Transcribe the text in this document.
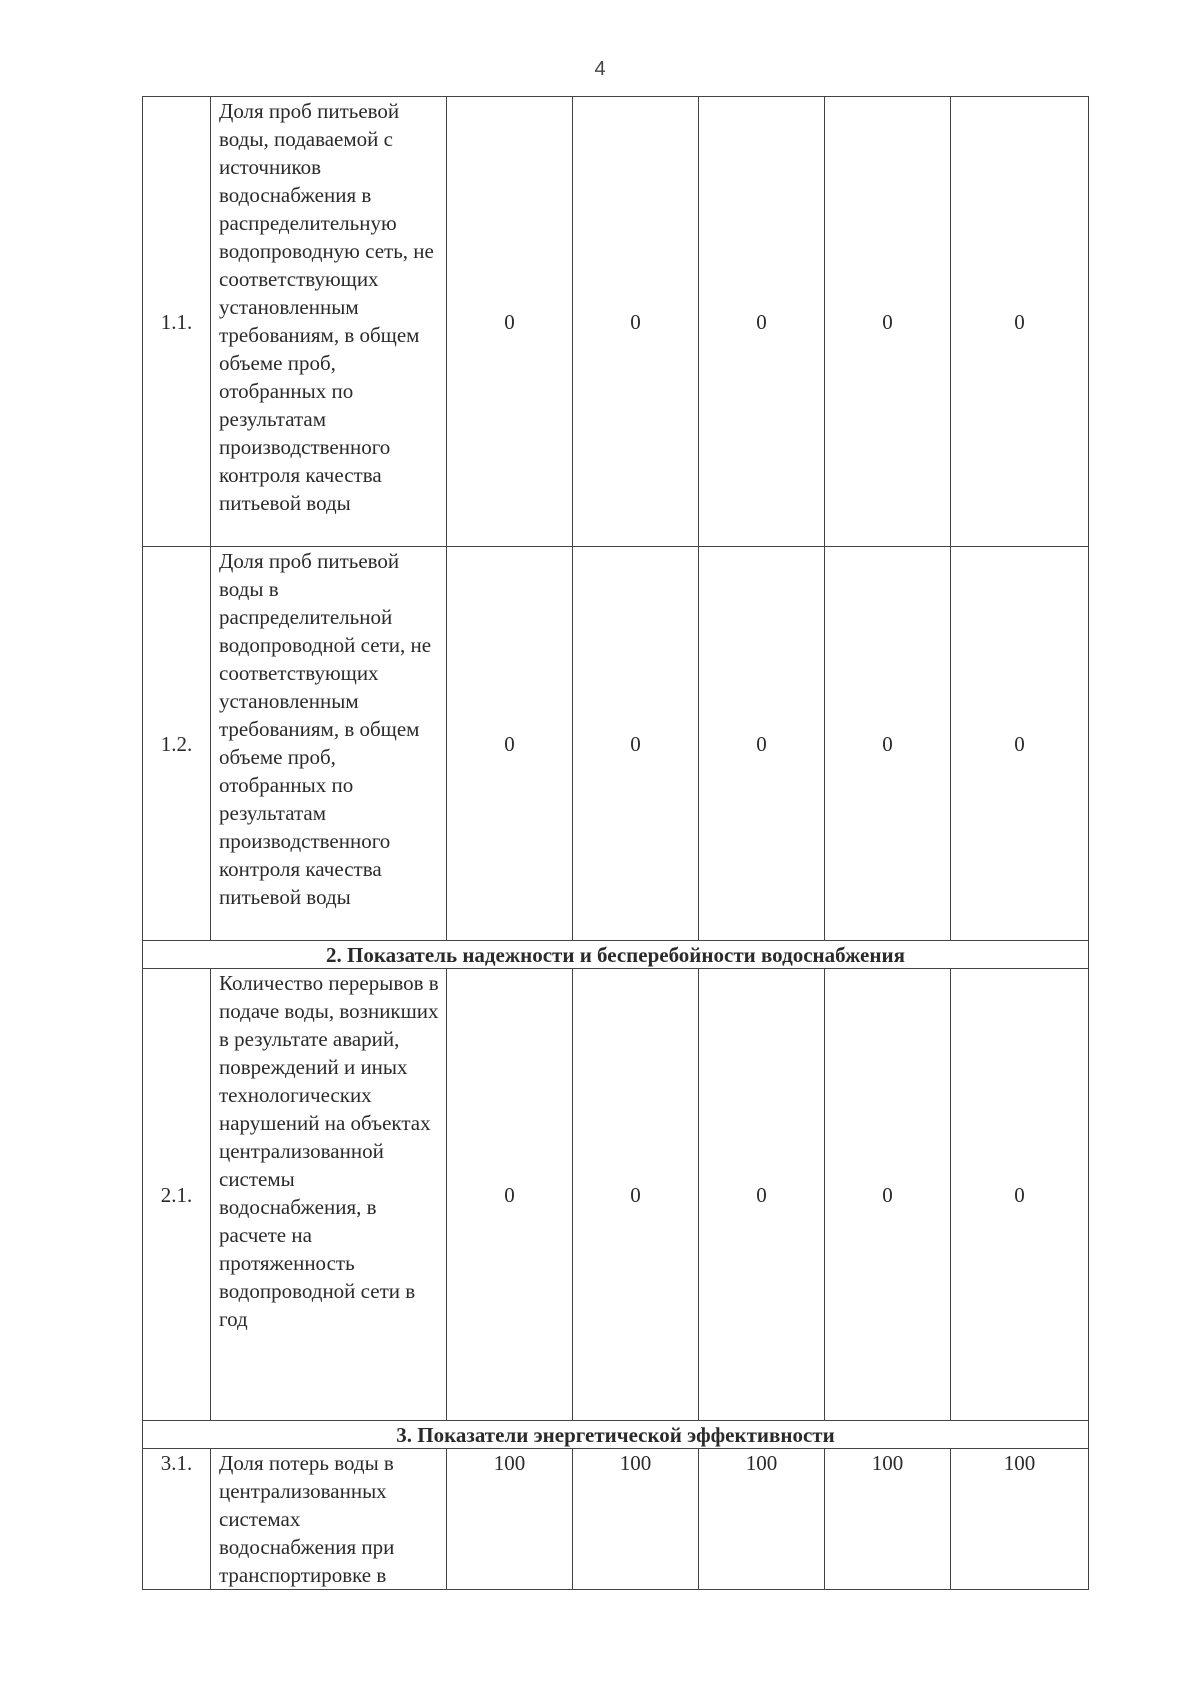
4
1.1.	Доля проб питьевой воды, подаваемой с источников водоснабжения в распределительную водопроводную сеть, не соответствующих установленным требованиям, в общем объеме проб, отобранных по результатам производственного контроля качества питьевой воды	0	0	0	0	0
1.2.	Доля проб питьевой воды в распределительной водопроводной сети, не соответствующих установленным требованиям, в общем объеме проб, отобранных по результатам производственного контроля качества питьевой воды	0	0	0	0	0
2. Показатель надежности и бесперебойности водоснабжения						
2.1.	Количество перерывов в подаче воды, возникших в результате аварий, повреждений и иных технологических нарушений на объектах централизованной системы водоснабжения, в расчете на протяженность водопроводной сети в год	0	0	0	0	0
3. Показатели энергетической эффективности						
3.1.	Доля потерь воды в централизованных системах водоснабжения при транспортировке в	100	100	100	100	100
